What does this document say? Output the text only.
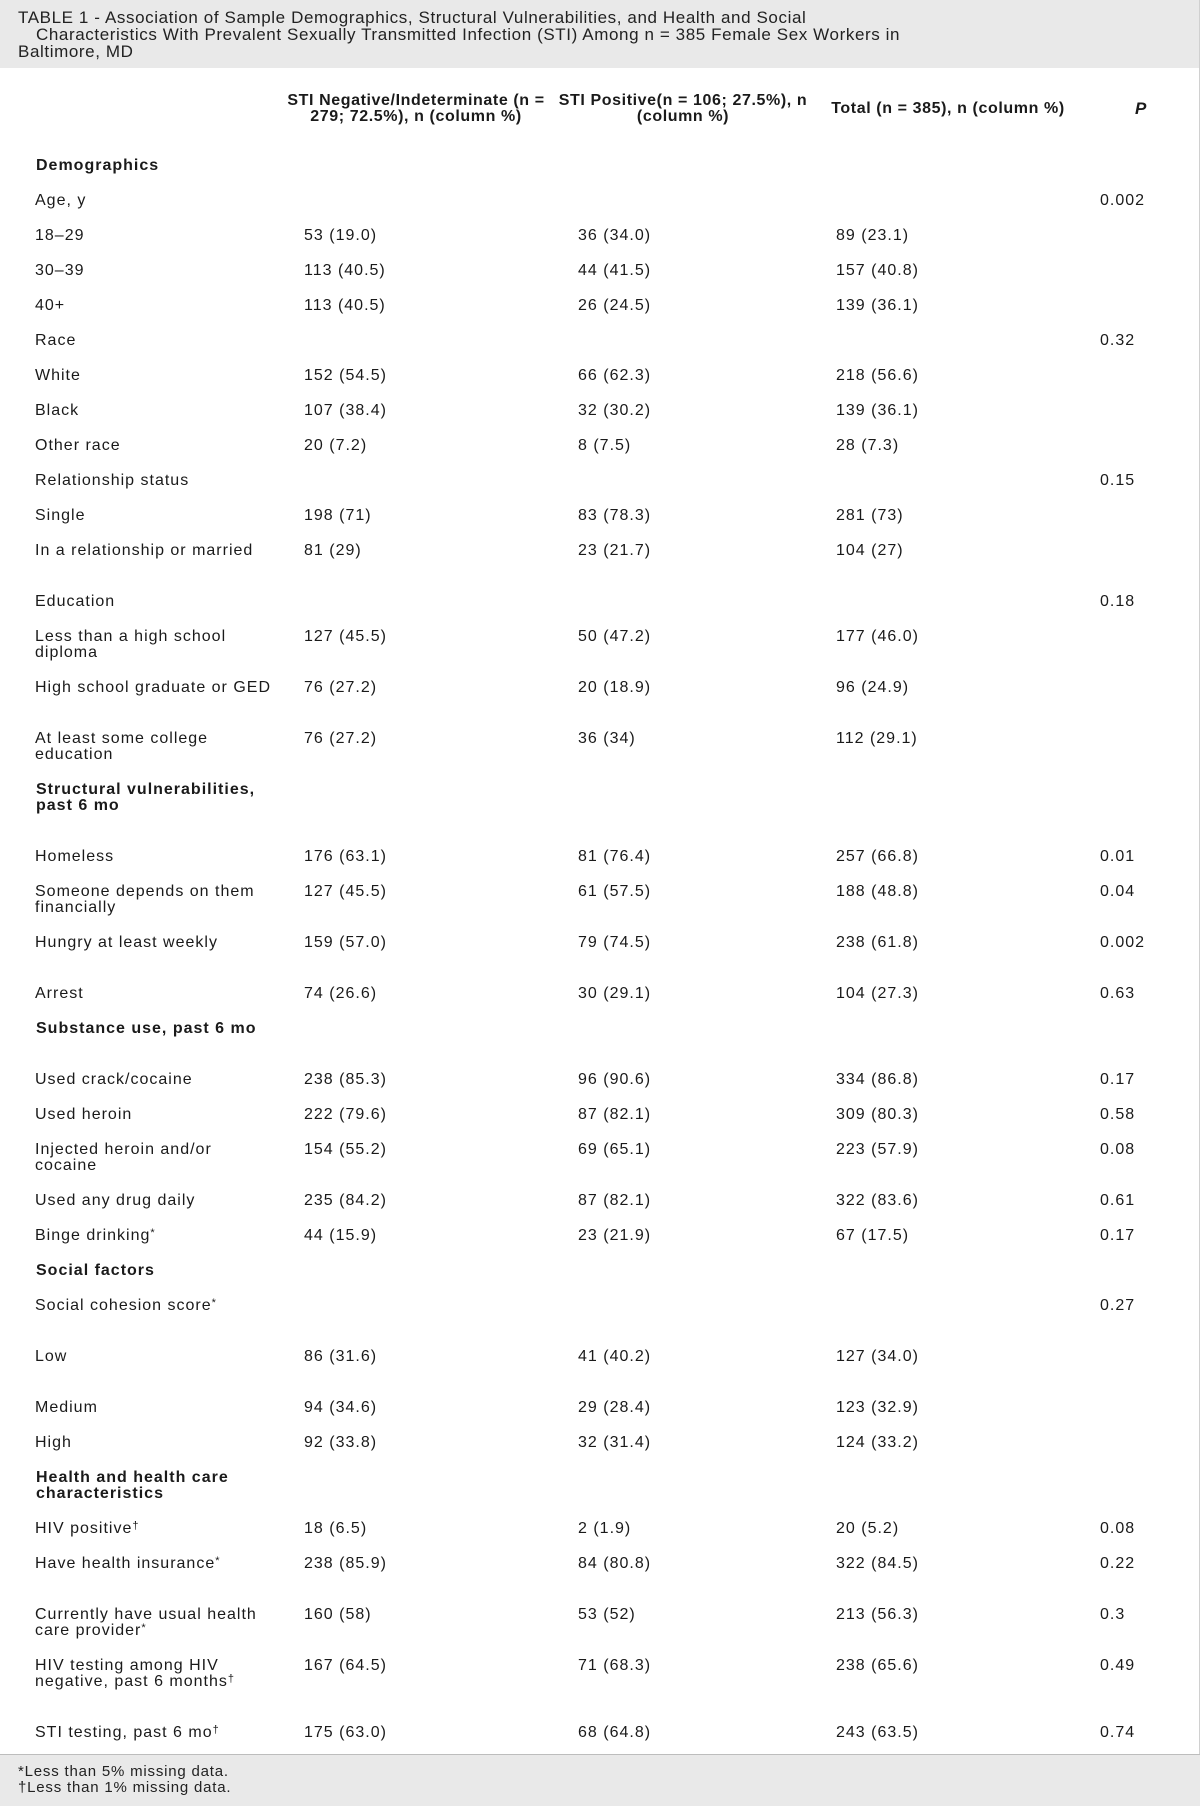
TABLE 1 - Association of Sample Demographics, Structural Vulnerabilities, and Health and Social
Characteristics With Prevalent Sexually Transmitted Infection (STI) Among n = 385 Female Sex Workers in
Baltimore, MD
	STI Negative/Indeterminate (n = 279; 72.5%), n (column %)	STI Positive(n = 106; 27.5%), n (column %)	Total (n = 385), n (column %)	P

Demographics				

Age, y				0.002

18–29	53 (19.0)	36 (34.0)	89 (23.1)	

30–39	113 (40.5)	44 (41.5)	157 (40.8)	

40+	113 (40.5)	26 (24.5)	139 (36.1)	

Race				0.32

White	152 (54.5)	66 (62.3)	218 (56.6)	

Black	107 (38.4)	32 (30.2)	139 (36.1)	

Other race	20 (7.2)	8 (7.5)	28 (7.3)	

Relationship status				0.15

Single	198 (71)	83 (78.3)	281 (73)	

In a relationship or married	81 (29)	23 (21.7)	104 (27)	

Education				0.18

Less than a high school diploma	127 (45.5)	50 (47.2)	177 (46.0)	

High school graduate or GED	76 (27.2)	20 (18.9)	96 (24.9)	

At least some college education	76 (27.2)	36 (34)	112 (29.1)	

Structural vulnerabilities, past 6 mo				

Homeless	176 (63.1)	81 (76.4)	257 (66.8)	0.01

Someone depends on them financially	127 (45.5)	61 (57.5)	188 (48.8)	0.04

Hungry at least weekly	159 (57.0)	79 (74.5)	238 (61.8)	0.002

Arrest	74 (26.6)	30 (29.1)	104 (27.3)	0.63

Substance use, past 6 mo				

Used crack/cocaine	238 (85.3)	96 (90.6)	334 (86.8)	0.17

Used heroin	222 (79.6)	87 (82.1)	309 (80.3)	0.58

Injected heroin and/or cocaine	154 (55.2)	69 (65.1)	223 (57.9)	0.08

Used any drug daily	235 (84.2)	87 (82.1)	322 (83.6)	0.61

Binge drinking*	44 (15.9)	23 (21.9)	67 (17.5)	0.17

Social factors				

Social cohesion score*				0.27

Low	86 (31.6)	41 (40.2)	127 (34.0)	

Medium	94 (34.6)	29 (28.4)	123 (32.9)	

High	92 (33.8)	32 (31.4)	124 (33.2)	

Health and health care characteristics				

HIV positive†	18 (6.5)	2 (1.9)	20 (5.2)	0.08

Have health insurance*	238 (85.9)	84 (80.8)	322 (84.5)	0.22

Currently have usual health care provider*	160 (58)	53 (52)	213 (56.3)	0.3

HIV testing among HIV negative, past 6 months†	167 (64.5)	71 (68.3)	238 (65.6)	0.49

STI testing, past 6 mo†	175 (63.0)	68 (64.8)	243 (63.5)	0.74
*Less than 5% missing data.
†Less than 1% missing data.
